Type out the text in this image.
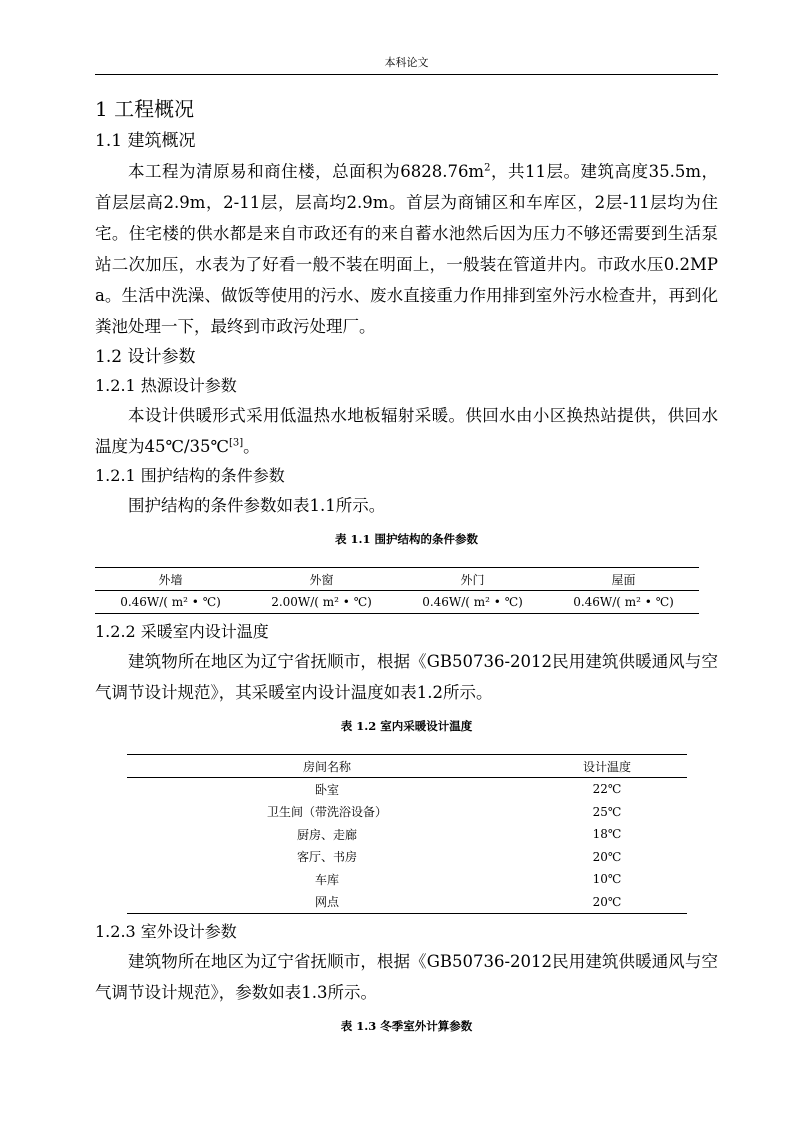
本科论文
1 工程概况
1.1 建筑概况

本工程为清原易和商住楼，总面积为$6828.76m^2$，共11层。建筑高度35.5m，首层层高2.9m，2-11层，层高均2.9m。首层为商铺区和车库区，2层-11层均为住宅。住宅楼的供水都是来自市政还有的来自蓄水池然后因为压力不够还需要到生活泵站二次加压，水表为了好看一般不装在明面上，一般装在管道井内。市政水压0.2MPa。生活中洗澡、做饭等使用的污水、废水直接重力作用排到室外污水检查井，再到化粪池处理一下，最终到市政污处理厂。

1.2 设计参数
1.2.1 热源设计参数

本设计供暖形式采用低温热水地板辐射采暖。供回水由小区换热站提供，供回水温度为45℃/35℃[3]。

1.2.1 围护结构的条件参数

围护结构的条件参数如表1.1所示。

表 1.1 围护结构的条件参数
外墙	外窗	外门	屋面
0.46W/( m² • ℃)	2.00W/( m² • ℃)	0.46W/( m² • ℃)	0.46W/( m² • ℃)
1.2.2 采暖室内设计温度

建筑物所在地区为辽宁省抚顺市，根据《GB50736-2012民用建筑供暖通风与空气调节设计规范》，其采暖室内设计温度如表1.2所示。

表 1.2 室内采暖设计温度
房间名称	设计温度
卧室	22℃
卫生间（带洗浴设备）	25℃
厨房、走廊	18℃
客厅、书房	20℃
车库	10℃
网点	20℃
1.2.3 室外设计参数

建筑物所在地区为辽宁省抚顺市，根据《GB50736-2012民用建筑供暖通风与空气调节设计规范》，参数如表1.3所示。

表 1.3 冬季室外计算参数
